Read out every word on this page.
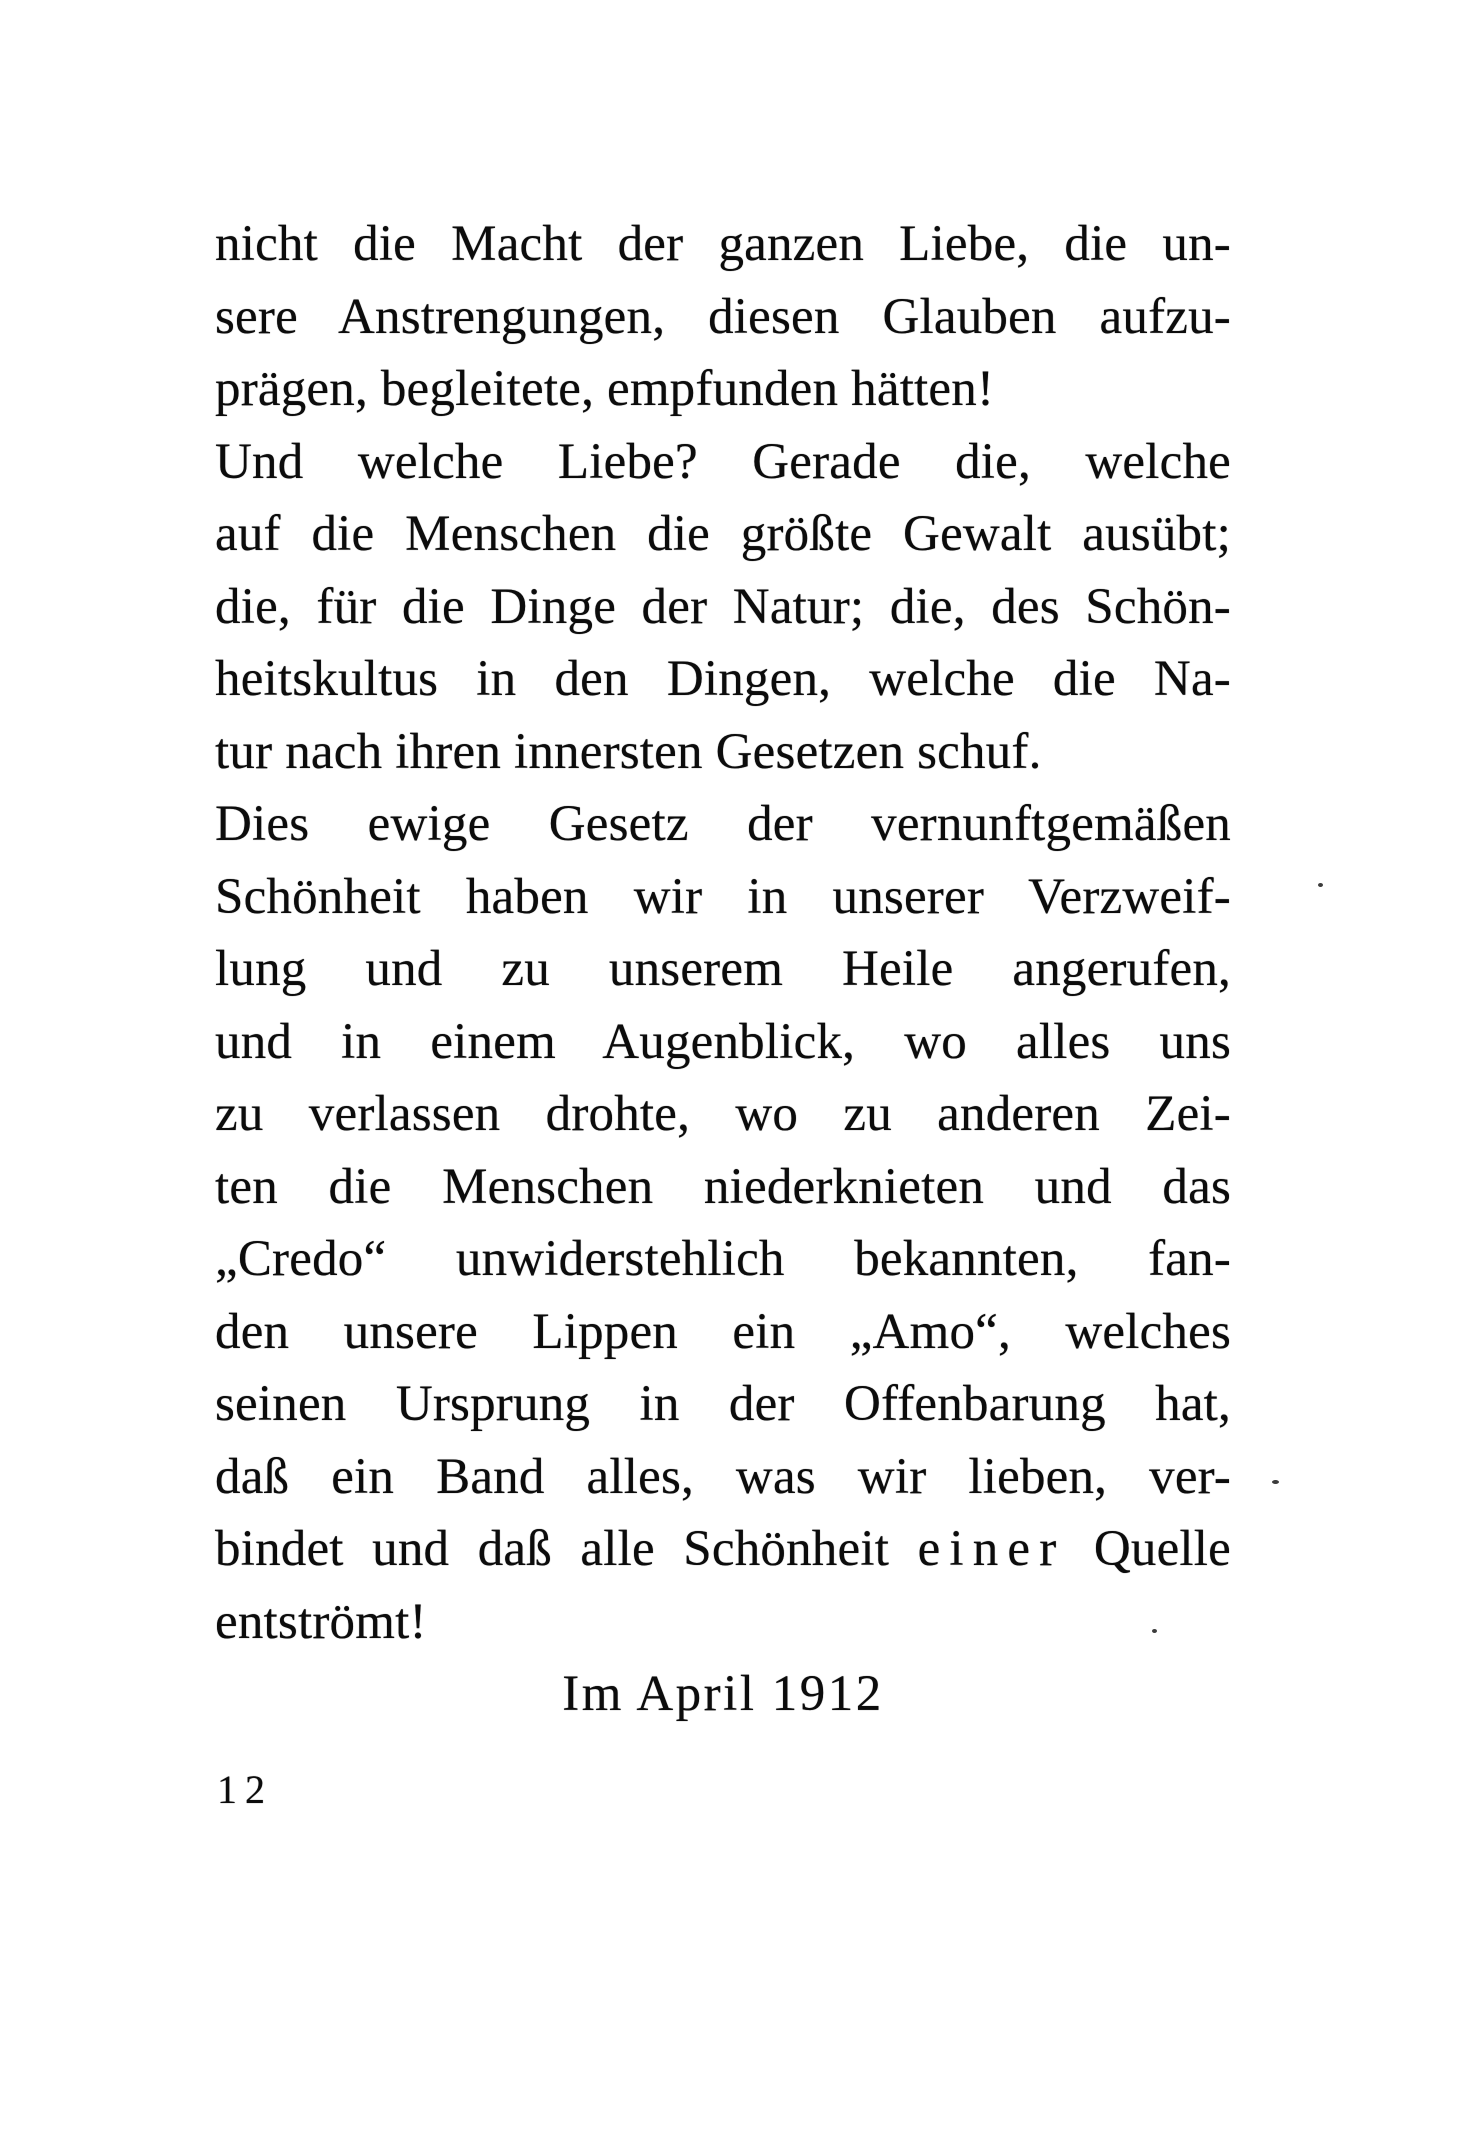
nicht die Macht der ganzen Liebe, die un-
sere Anstrengungen, diesen Glauben aufzu-
prägen, begleitete, empfunden hätten!
Und welche Liebe? Gerade die, welche
auf die Menschen die größte Gewalt ausübt;
die, für die Dinge der Natur; die, des Schön-
heitskultus in den Dingen, welche die Na-
tur nach ihren innersten Gesetzen schuf.
Dies ewige Gesetz der vernunftgemäßen
Schönheit haben wir in unserer Verzweif-
lung und zu unserem Heile angerufen,
und in einem Augenblick, wo alles uns
zu verlassen drohte, wo zu anderen Zei-
ten die Menschen niederknieten und das
„Credo“ unwiderstehlich bekannten, fan-
den unsere Lippen ein „Amo“, welches
seinen Ursprung in der Offenbarung hat,
daß ein Band alles, was wir lieben, ver-
bindet und daß alle Schönheit einer Quelle
entströmt!
Im April 1912
12
